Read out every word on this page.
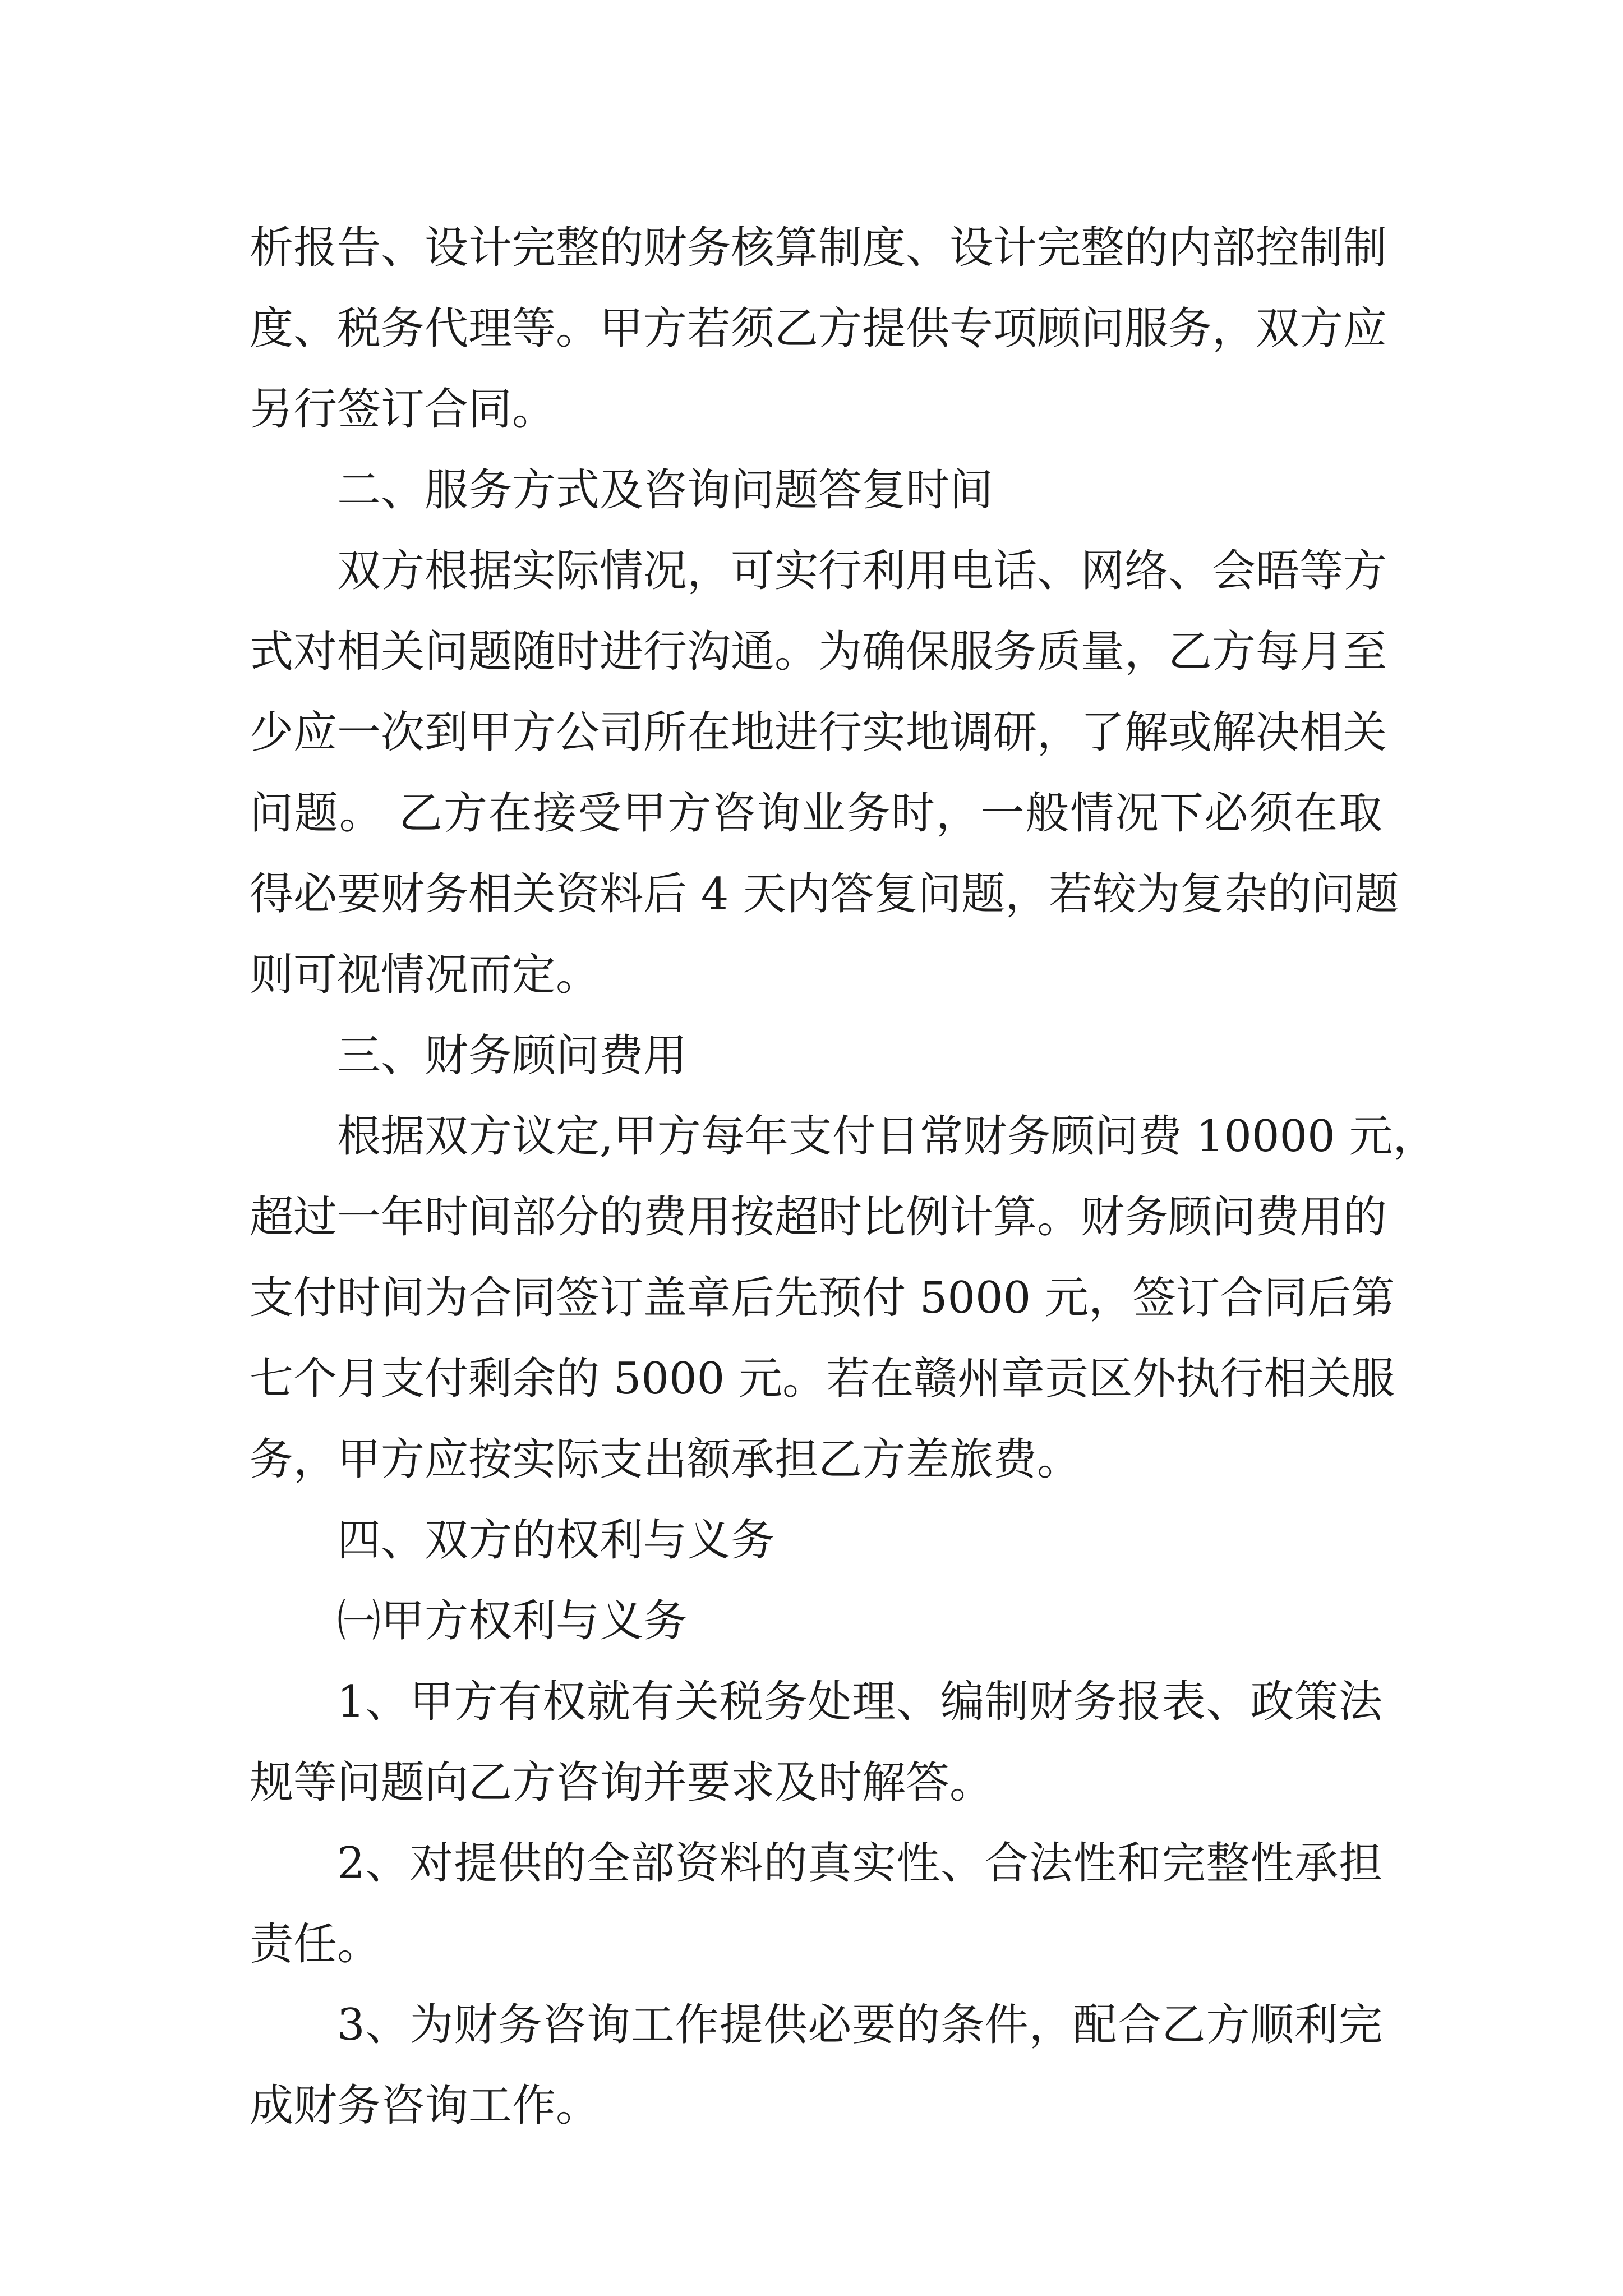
析报告、设计完整的财务核算制度、设计完整的内部控制制
度、税务代理等。甲方若须乙方提供专项顾问服务，双方应
另行签订合同。
二、服务方式及咨询问题答复时间
双方根据实际情况，可实行利用电话、网络、会晤等方
式对相关问题随时进行沟通。为确保服务质量，乙方每月至
少应一次到甲方公司所在地进行实地调研，了解或解决相关
问题。 乙方在接受甲方咨询业务时，一般情况下必须在取
得必要财务相关资料后 4 天内答复问题，若较为复杂的问题
则可视情况而定。
三、财务顾问费用
根据双方议定,甲方每年支付日常财务顾问费 10000 元，
超过一年时间部分的费用按超时比例计算。财务顾问费用的
支付时间为合同签订盖章后先预付 5000 元，签订合同后第
七个月支付剩余的 5000 元。若在赣州章贡区外执行相关服
务，甲方应按实际支出额承担乙方差旅费。
四、双方的权利与义务
㈠甲方权利与义务
1、甲方有权就有关税务处理、编制财务报表、政策法
规等问题向乙方咨询并要求及时解答。
2、对提供的全部资料的真实性、合法性和完整性承担
责任。
3、为财务咨询工作提供必要的条件，配合乙方顺利完
成财务咨询工作。
